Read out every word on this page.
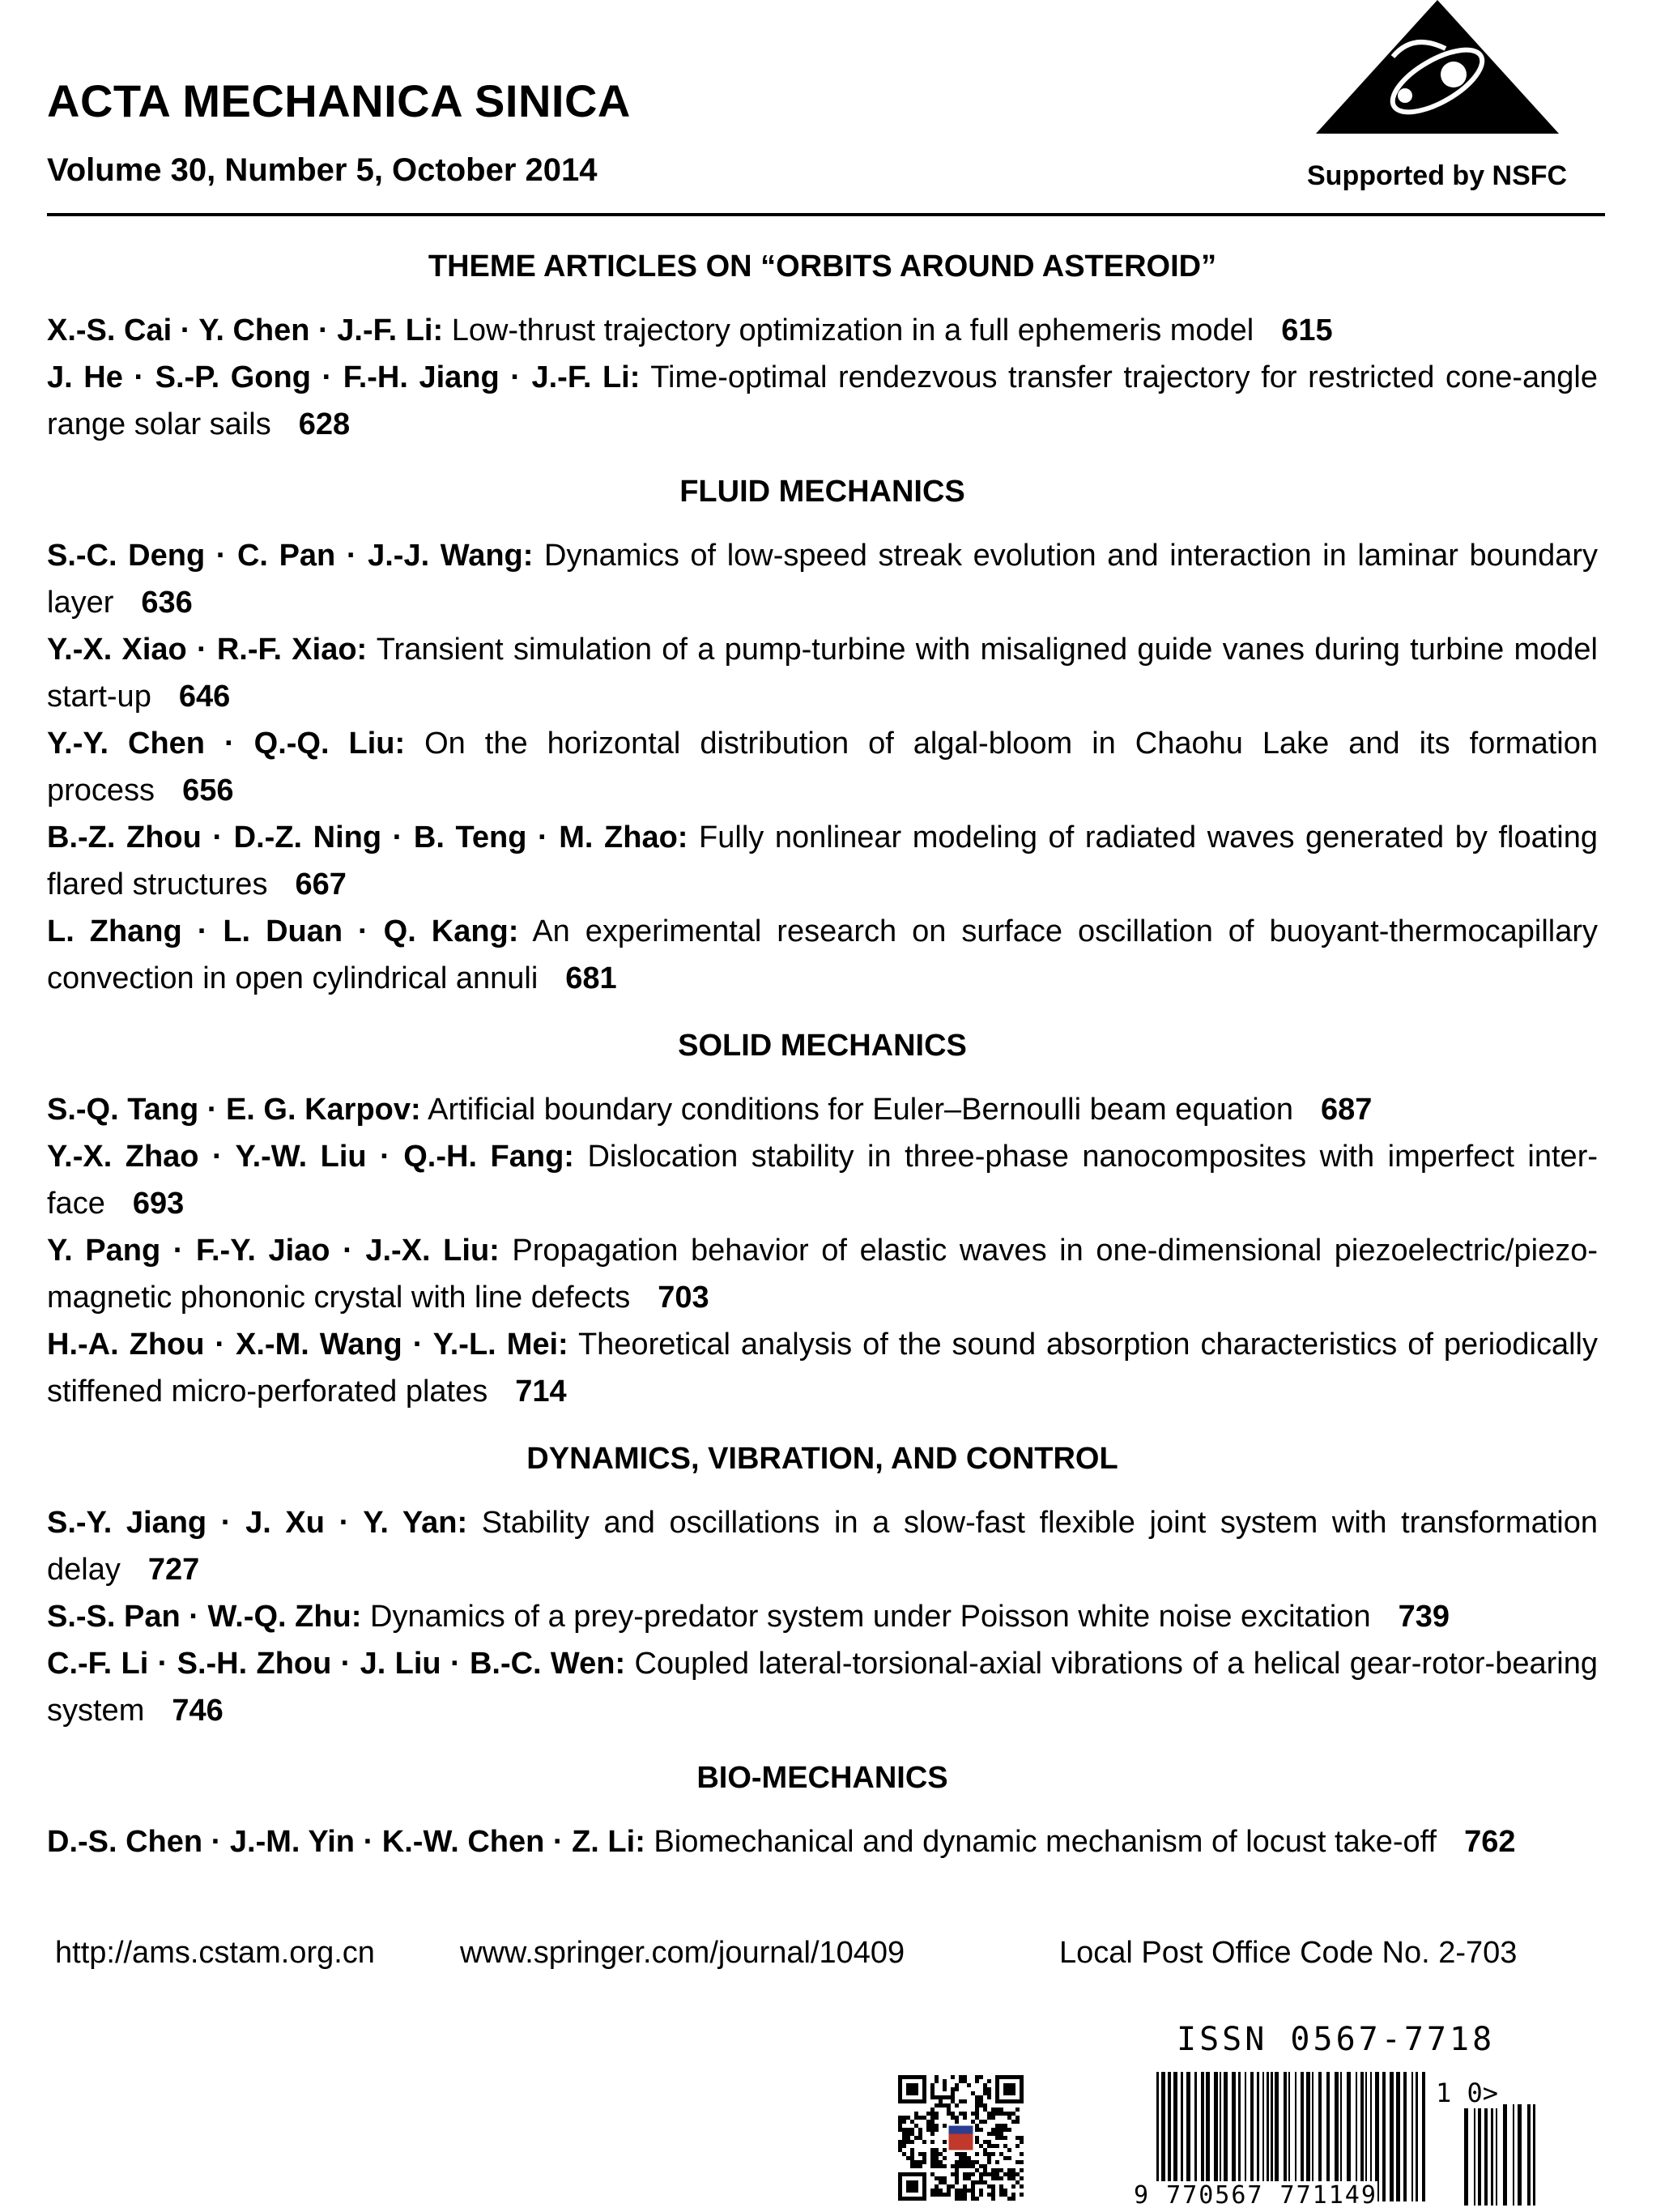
ACTA MECHANICA SINICA
Volume 30, Number 5, October 2014	Supported by NSFC
THEME ARTICLES ON “ORBITS AROUND ASTEROID”

X.-S. Cai · Y. Chen · J.-F. Li: Low-thrust trajectory optimization in a full ephemeris model 615

J. He · S.-P. Gong · F.-H. Jiang · J.-F. Li: Time-optimal rendezvous transfer trajectory for restricted cone-angle range solar sails 628

FLUID MECHANICS

S.-C. Deng · C. Pan · J.-J. Wang: Dynamics of low-speed streak evolution and interaction in laminar boundary layer 636

Y.-X. Xiao · R.-F. Xiao: Transient simulation of a pump-turbine with misaligned guide vanes during turbine model start-up 646

Y.-Y. Chen · Q.-Q. Liu: On the horizontal distribution of algal-bloom in Chaohu Lake and its formation process 656

B.-Z. Zhou · D.-Z. Ning · B. Teng · M. Zhao: Fully nonlinear modeling of radiated waves generated by floating flared structures 667

L. Zhang · L. Duan · Q. Kang: An experimental research on surface oscillation of buoyant-thermocapillary convection in open cylindrical annuli 681

SOLID MECHANICS

S.-Q. Tang · E. G. Karpov: Artificial boundary conditions for Euler–Bernoulli beam equation 687

Y.-X. Zhao · Y.-W. Liu · Q.-H. Fang: Dislocation stability in three-phase nanocomposites with imperfect inter-face 693

Y. Pang · F.-Y. Jiao · J.-X. Liu: Propagation behavior of elastic waves in one-dimensional piezoelectric/piezo-magnetic phononic crystal with line defects 703

H.-A. Zhou · X.-M. Wang · Y.-L. Mei: Theoretical analysis of the sound absorption characteristics of periodically stiffened micro-perforated plates 714

DYNAMICS, VIBRATION, AND CONTROL

S.-Y. Jiang · J. Xu · Y. Yan: Stability and oscillations in a slow-fast flexible joint system with transformation delay 727

S.-S. Pan · W.-Q. Zhu: Dynamics of a prey-predator system under Poisson white noise excitation 739

C.-F. Li · S.-H. Zhou · J. Liu · B.-C. Wen: Coupled lateral-torsional-axial vibrations of a helical gear-rotor-bearing system 746

BIO-MECHANICS

D.-S. Chen · J.-M. Yin · K.-W. Chen · Z. Li: Biomechanical and dynamic mechanism of locust take-off 762

http://ams.cstam.org.cn	www.springer.com/journal/10409	Local Post Office Code No. 2-703
ISSN 0567-7718
9 770567 771149
1 0>
